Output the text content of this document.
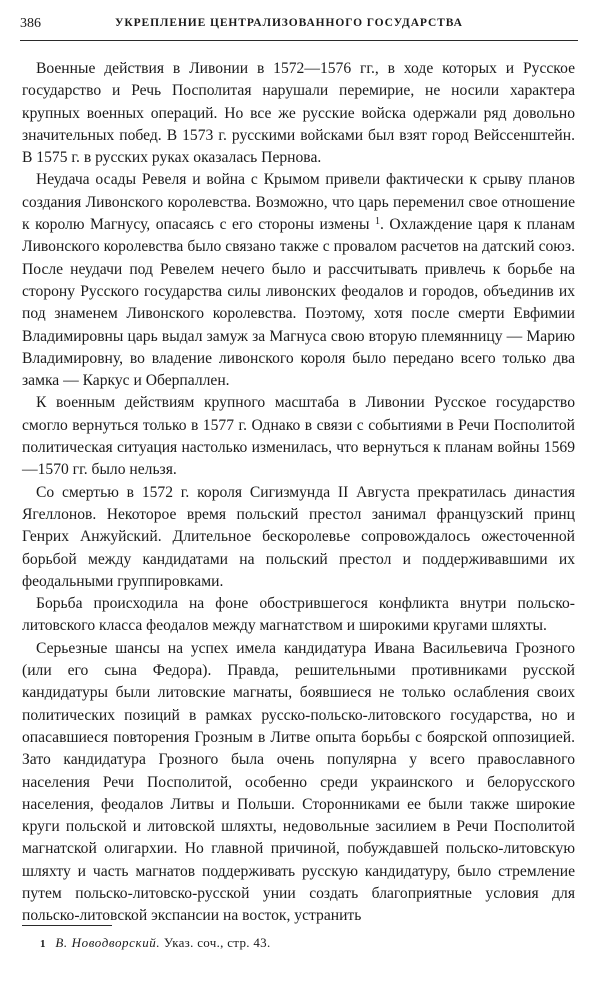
386	УКРЕПЛЕНИЕ ЦЕНТРАЛИЗОВАННОГО ГОСУДАРСТВА

Военные действия в Ливонии в 1572—1576 гг., в ходе которых и Русское государство и Речь Посполитая нарушали перемирие, не носили характера крупных военных операций. Но все же русские войска одержали ряд довольно значительных побед. В 1573 г. русскими войсками был взят город Вейссенштейн. В 1575 г. в русских руках оказалась Пернова.

Неудача осады Ревеля и война с Крымом привели фактически к срыву планов создания Ливонского королевства. Возможно, что царь переменил свое отношение к королю Магнусу, опасаясь с его стороны измены $^1$. Охлаждение царя к планам Ливонского королевства было связано также с провалом расчетов на датский союз. После неудачи под Ревелем нечего было и рассчитывать привлечь к борьбе на сторону Русского государства силы ливонских феодалов и городов, объединив их под знаменем Ливонского королевства. Поэтому, хотя после смерти Евфимии Владимировны царь выдал замуж за Магнуса свою вторую племянницу — Марию Владимировну, во владение ливонского короля было передано всего только два замка — Каркус и Оберпаллен.

К военным действиям крупного масштаба в Ливонии Русское государство смогло вернуться только в 1577 г. Однако в связи с событиями в Речи Посполитой политическая ситуация настолько изменилась, что вернуться к планам войны 1569—1570 гг. было нельзя.

Со смертью в 1572 г. короля Сигизмунда II Августа прекратилась династия Ягеллонов. Некоторое время польский престол занимал французский принц Генрих Анжуйский. Длительное бескоролевье сопровождалось ожесточенной борьбой между кандидатами на польский престол и поддерживавшими их феодальными группировками.

Борьба происходила на фоне обострившегося конфликта внутри польско-литовского класса феодалов между магнатством и широкими кругами шляхты.

Серьезные шансы на успех имела кандидатура Ивана Васильевича Грозного (или его сына Федора). Правда, решительными противниками русской кандидатуры были литовские магнаты, боявшиеся не только ослабления своих политических позиций в рамках русско-польско-литовского государства, но и опасавшиеся повторения Грозным в Литве опыта борьбы с боярской оппозицией. Зато кандидатура Грозного была очень популярна у всего православного населения Речи Посполитой, особенно среди украинского и белорусского населения, феодалов Литвы и Польши. Сторонниками ее были также широкие круги польской и литовской шляхты, недовольные засилием в Речи Посполитой магнатской олигархии. Но главной причиной, побуждавшей польско-литовскую шляхту и часть магнатов поддерживать русскую кандидатуру, было стремление путем польско-литовско-русской унии создать благоприятные условия для польско-литовской экспансии на восток, устранить

1 В. Новодворский. Указ. соч., стр. 43.
